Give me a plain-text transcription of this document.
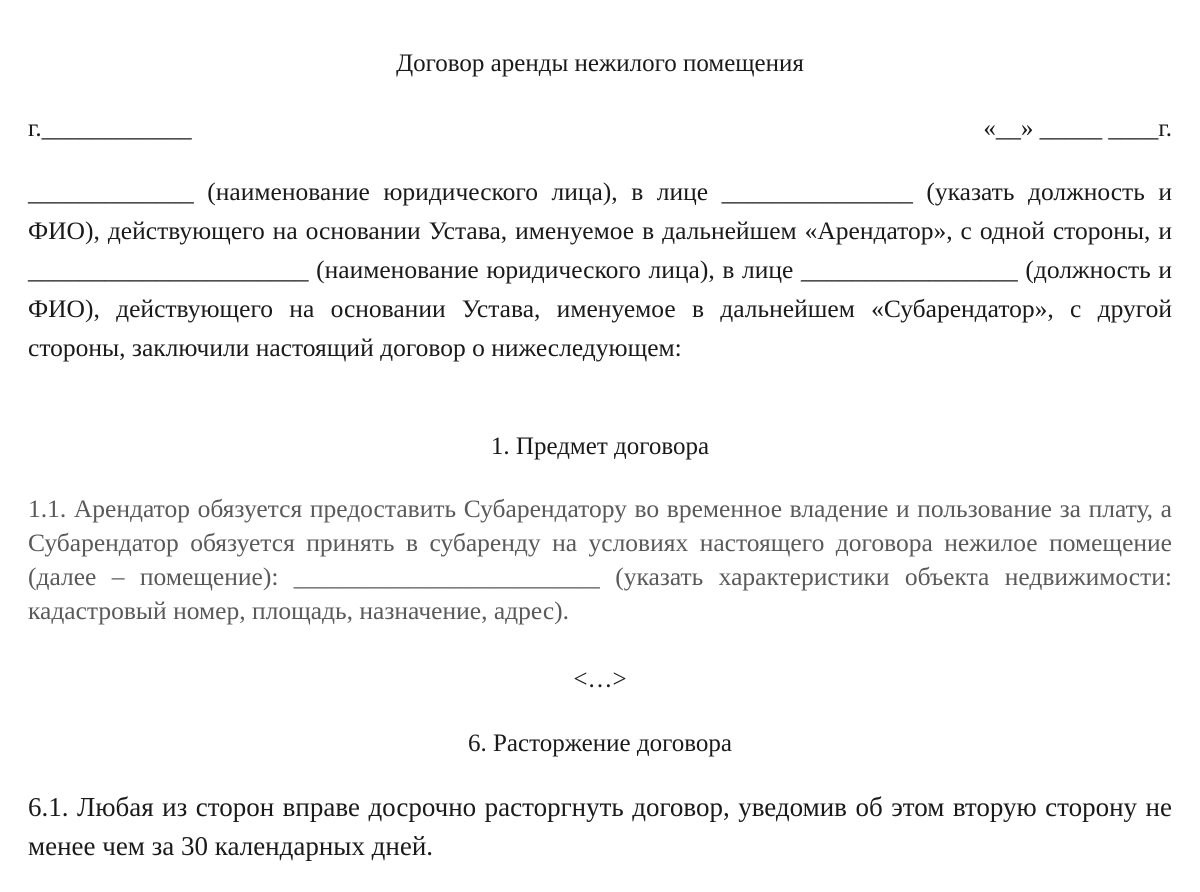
Договор аренды нежилого помещения
г.____________	«__» _____ ____г.
_____________ (наименование юридического лица), в лице _______________ (указать должность и ФИО), действующего на основании Устава, именуемое в дальнейшем «Арендатор», с одной стороны, и ______________________ (наименование юридического лица), в лице _________________ (должность и ФИО), действующего на основании Устава, именуемое в дальнейшем «Субарендатор», с другой стороны, заключили настоящий договор о нижеследующем:
1. Предмет договора
1.1. Арендатор обязуется предоставить Субарендатору во временное владение и пользование за плату, а Субарендатор обязуется принять в субаренду на условиях настоящего договора нежилое помещение (далее – помещение): ________________________ (указать характеристики объекта недвижимости: кадастровый номер, площадь, назначение, адрес).
<…>
6. Расторжение договора
6.1. Любая из сторон вправе досрочно расторгнуть договор, уведомив об этом вторую сторону не менее чем за 30 календарных дней.
